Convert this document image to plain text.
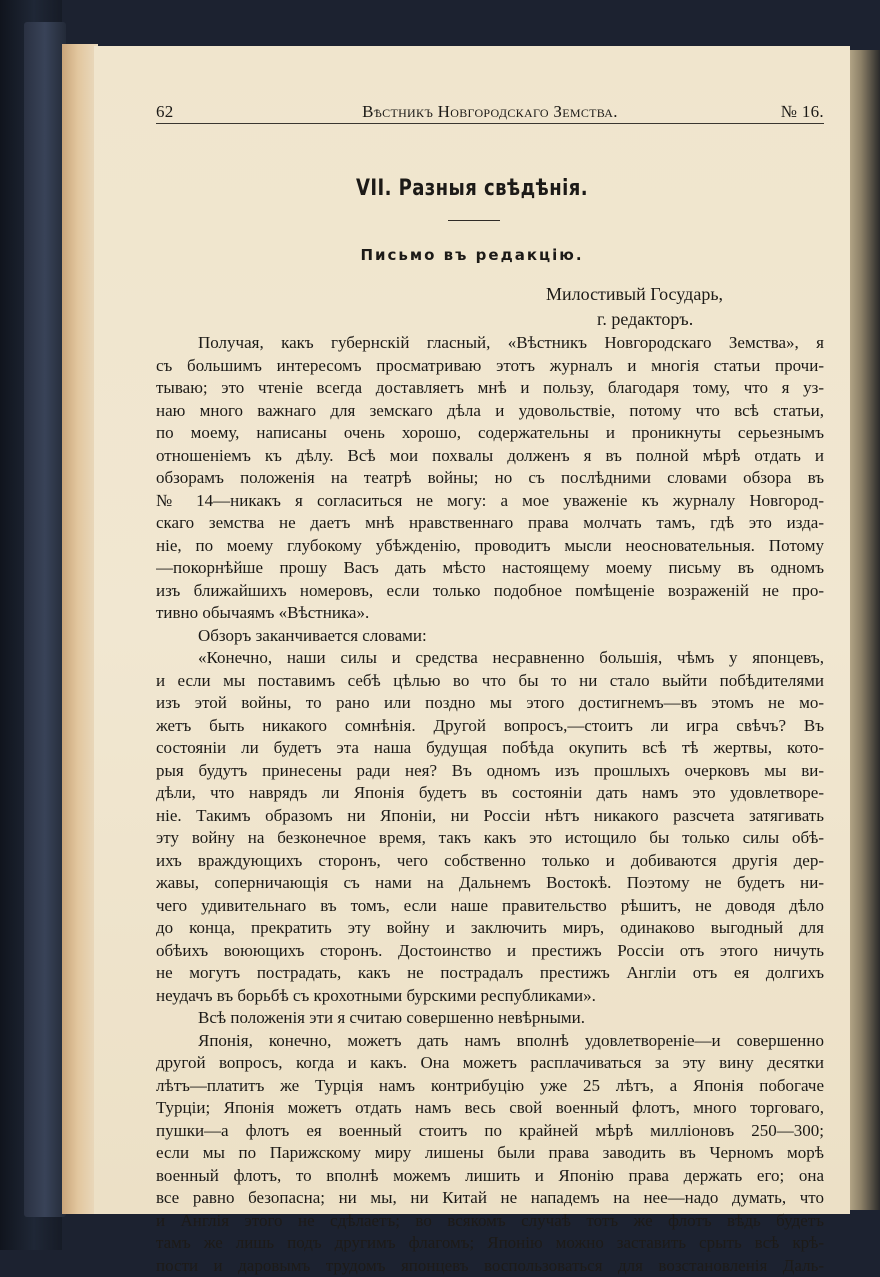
62	Вѣстникъ Новгородскаго Земства.	№ 16.
VII. Разныя свѣдѣнія.
Письмо въ редакцію.
Милостивый Государь,
г. редакторъ.
Получая, какъ губернскій гласный, «Вѣстникъ Новгородскаго Земства», я
съ большимъ интересомъ просматриваю этотъ журналъ и многія статьи прочи-
тываю; это чтеніе всегда доставляетъ мнѣ и пользу, благодаря тому, что я уз-
наю много важнаго для земскаго дѣла и удовольствіе, потому что всѣ статьи,
по моему, написаны очень хорошо, содержательны и проникнуты серьезнымъ
отношеніемъ къ дѣлу. Всѣ мои похвалы долженъ я въ полной мѣрѣ отдать и
обзорамъ положенія на театрѣ войны; но съ послѣдними словами обзора въ
№ 14—никакъ я согласиться не могу: а мое уваженіе къ журналу Новгород-
скаго земства не даетъ мнѣ нравственнаго права молчать тамъ, гдѣ это изда-
ніе, по моему глубокому убѣжденію, проводитъ мысли неосновательныя. Потому
—покорнѣйше прошу Васъ дать мѣсто настоящему моему письму въ одномъ
изъ ближайшихъ номеровъ, если только подобное помѣщеніе возраженій не про-
тивно обычаямъ «Вѣстника».
Обзоръ заканчивается словами:
«Конечно, наши силы и средства несравненно большія, чѣмъ у японцевъ,
и если мы поставимъ себѣ цѣлью во что бы то ни стало выйти побѣдителями
изъ этой войны, то рано или поздно мы этого достигнемъ—въ этомъ не мо-
жетъ быть никакого сомнѣнія. Другой вопросъ,—стоитъ ли игра свѣчъ? Въ
состояніи ли будетъ эта наша будущая побѣда окупить всѣ тѣ жертвы, кото-
рыя будутъ принесены ради нея? Въ одномъ изъ прошлыхъ очерковъ мы ви-
дѣли, что наврядъ ли Японія будетъ въ состояніи дать намъ это удовлетворе-
ніе. Такимъ образомъ ни Японіи, ни Россіи нѣтъ никакого разсчета затягивать
эту войну на безконечное время, такъ какъ это истощило бы только силы обѣ-
ихъ враждующихъ сторонъ, чего собственно только и добиваются другія дер-
жавы, соперничающія съ нами на Дальнемъ Востокѣ. Поэтому не будетъ ни-
чего удивительнаго въ томъ, если наше правительство рѣшитъ, не доводя дѣло
до конца, прекратить эту войну и заключить миръ, одинаково выгодный для
обѣихъ воюющихъ сторонъ. Достоинство и престижъ Россіи отъ этого ничуть
не могутъ пострадать, какъ не пострадалъ престижъ Англіи отъ ея долгихъ
неудачъ въ борьбѣ съ крохотными бурскими республиками».
Всѣ положенія эти я считаю совершенно невѣрными.
Японія, конечно, можетъ дать намъ вполнѣ удовлетвореніе—и совершенно
другой вопросъ, когда и какъ. Она можетъ расплачиваться за эту вину десятки
лѣтъ—платитъ же Турція намъ контрибуцію уже 25 лѣтъ, а Японія побогаче
Турціи; Японія можетъ отдать намъ весь свой военный флотъ, много торговаго,
пушки—а флотъ ея военный стоитъ по крайней мѣрѣ милліоновъ 250—300;
если мы по Парижскому миру лишены были права заводить въ Черномъ морѣ
военный флотъ, то вполнѣ можемъ лишить и Японію права держать его; она
все равно безопасна; ни мы, ни Китай не нападемъ на нее—надо думать, что
и Англія этого не сдѣлаетъ; во всякомъ случаѣ тотъ же флотъ вѣдь будетъ
тамъ же лишь подъ другимъ флагомъ; Японію можно заставить срыть всѣ крѣ-
пости и даровымъ трудомъ японцевъ воспользоваться для возстановленія Даль-
